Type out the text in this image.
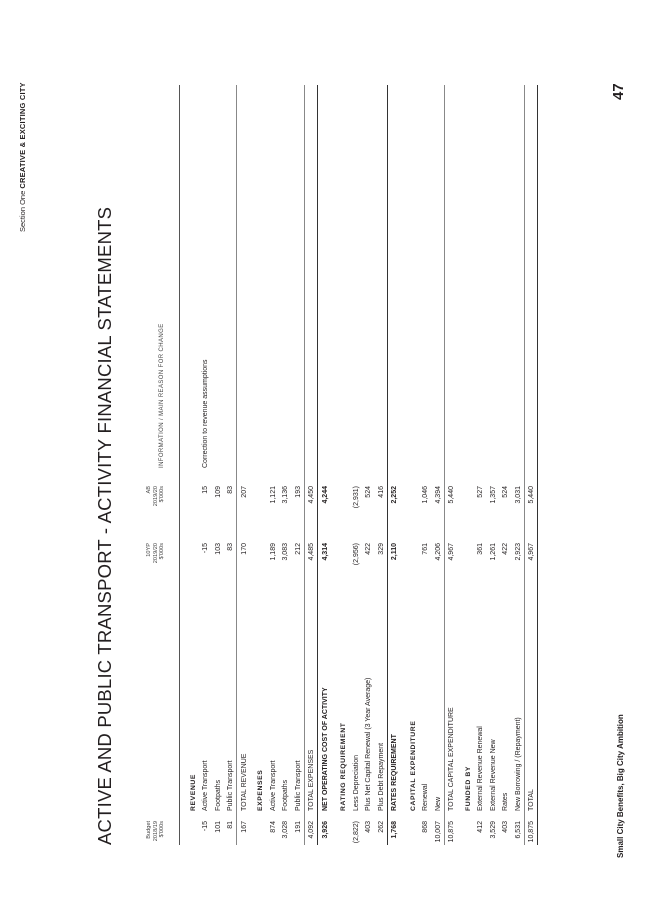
Section One CREATIVE & EXCITING CITY	47
Small City Benefits, Big City Ambition
ACTIVE AND PUBLIC TRANSPORT - ACTIVITY FINANCIAL STATEMENTS	Budget 2018/19 $'000s
10YP 2019/20 $'000s
AB 2019/20 $'000s
INFORMATION / MAIN REASON FOR CHANGE
REVENUE
-15
Active Transport
-15
15
Correction to revenue assumptions
101
Footpaths
103
109
81
Public Transport
83
83
167
TOTAL REVENUE
170
207
EXPENSES
874
Active Transport
1,189
1,121
3,028
Footpaths
3,083
3,136
191
Public Transport
212
193
4,092
TOTAL EXPENSES
4,485
4,450
3,926
NET OPERATING COST OF ACTIVITY
4,314
4,244
RATING REQUIREMENT
(2,822)
Less Depreciation
(2,956)
(2,931)
403
Plus Net Capital Renewal (3 Year Average)
422
524
262
Plus Debt Repayment
329
416
1,768
RATES REQUIREMENT
2,110
2,252
CAPITAL EXPENDITURE
868
Renewal
761
1,046
10,007
New
4,206
4,394
10,875
TOTAL CAPITAL EXPENDITURE
4,967
5,440
FUNDED BY
412
External Revenue Renewal
361
527
3,529
External Revenue New
1,261
1,357
403
Rates
422
524
6,531
New Borrowing / (Repayment)
2,923
3,031
10,875
TOTAL
4,967
5,440
